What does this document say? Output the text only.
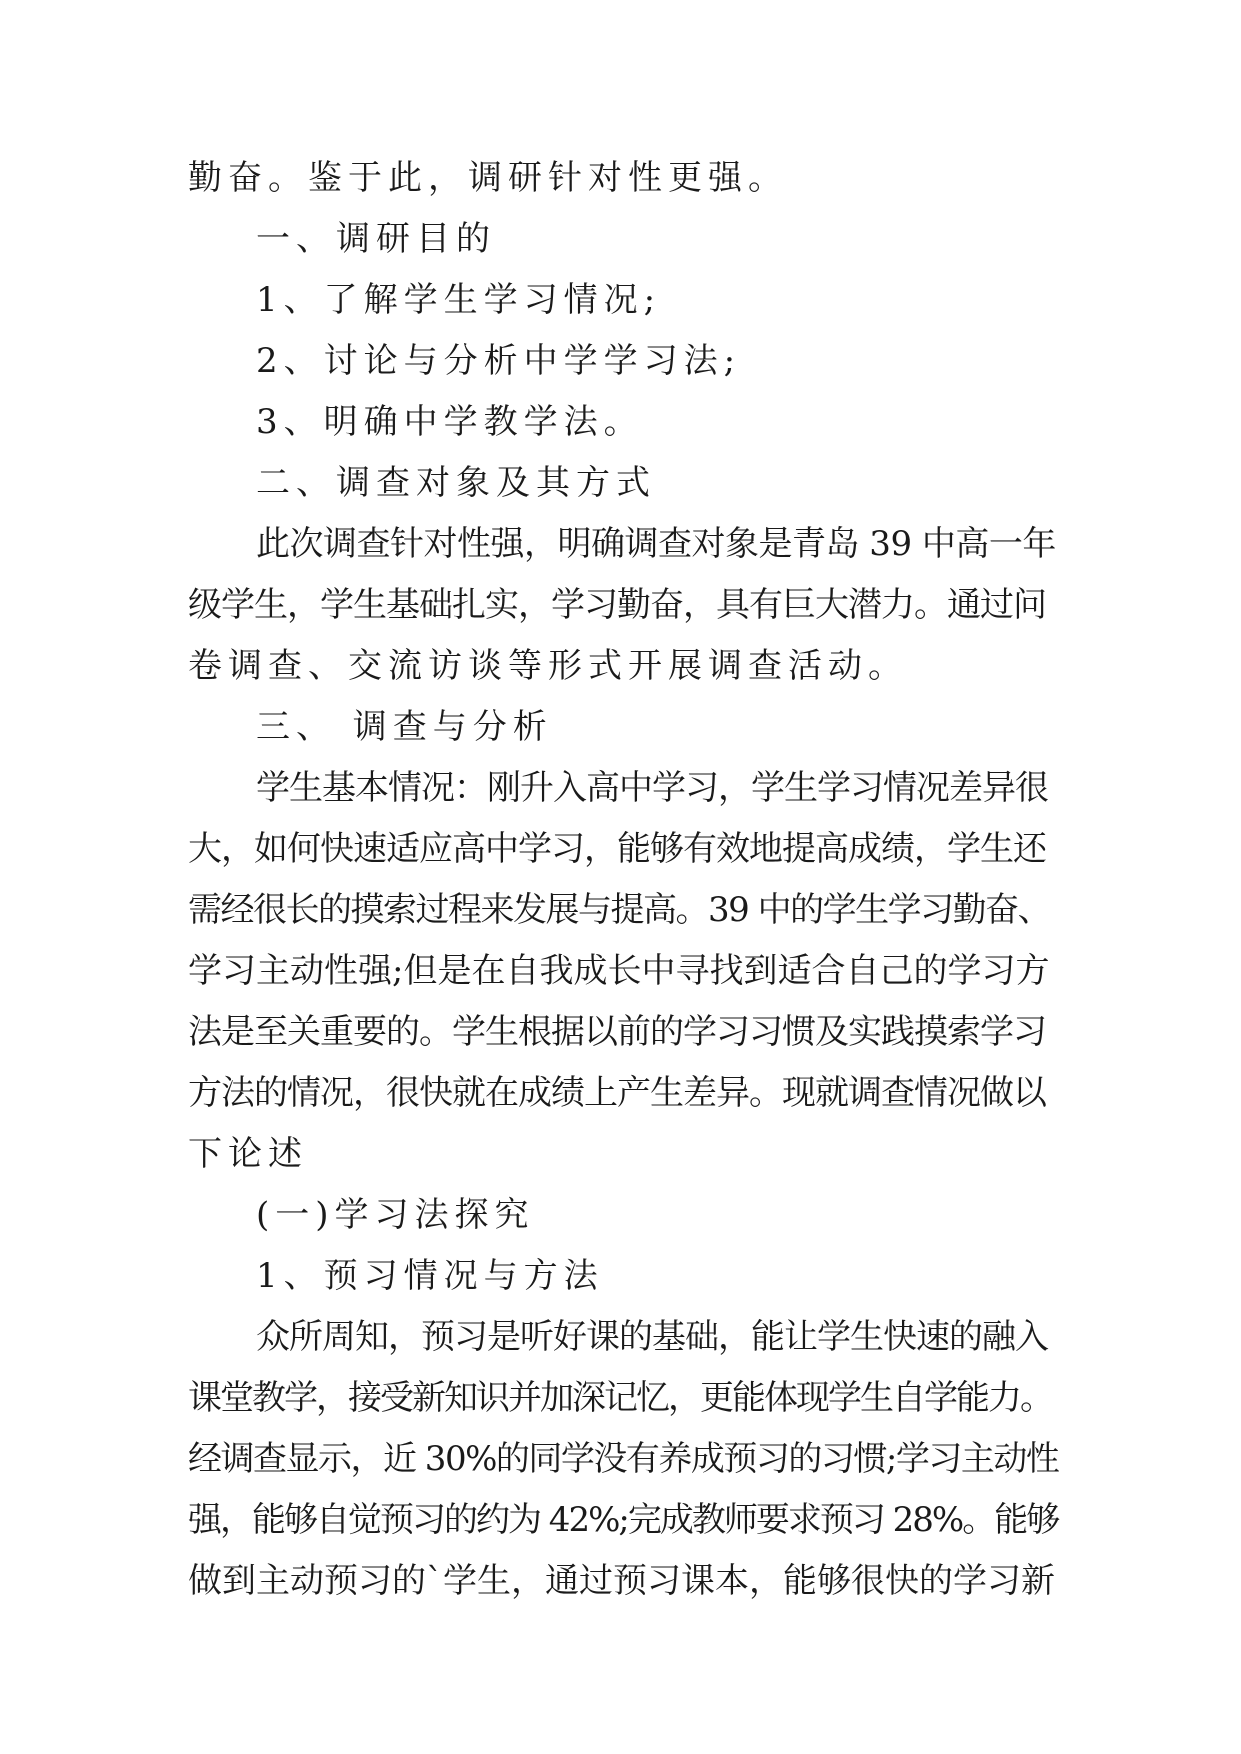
勤奋。鉴于此，调研针对性更强。
一、调研目的
1、了解学生学习情况;
2、讨论与分析中学学习法;
3、明确中学教学法。
二、调查对象及其方式
此次调查针对性强，明确调查对象是青岛 39 中高一年
级学生，学生基础扎实，学习勤奋，具有巨大潜力。通过问
卷调查、交流访谈等形式开展调查活动。
三、 调查与分析
学生基本情况：刚升入高中学习，学生学习情况差异很
大，如何快速适应高中学习，能够有效地提高成绩，学生还
需经很长的摸索过程来发展与提高。39 中的学生学习勤奋、
学习主动性强;但是在自我成长中寻找到适合自己的学习方
法是至关重要的。学生根据以前的学习习惯及实践摸索学习
方法的情况，很快就在成绩上产生差异。现就调查情况做以
下论述
(一)学习法探究
1、预习情况与方法
众所周知，预习是听好课的基础，能让学生快速的融入
课堂教学，接受新知识并加深记忆，更能体现学生自学能力。
经调查显示，近 30%的同学没有养成预习的习惯;学习主动性
强，能够自觉预习的约为 42%;完成教师要求预习 28%。能够
做到主动预习的`学生，通过预习课本，能够很快的学习新
